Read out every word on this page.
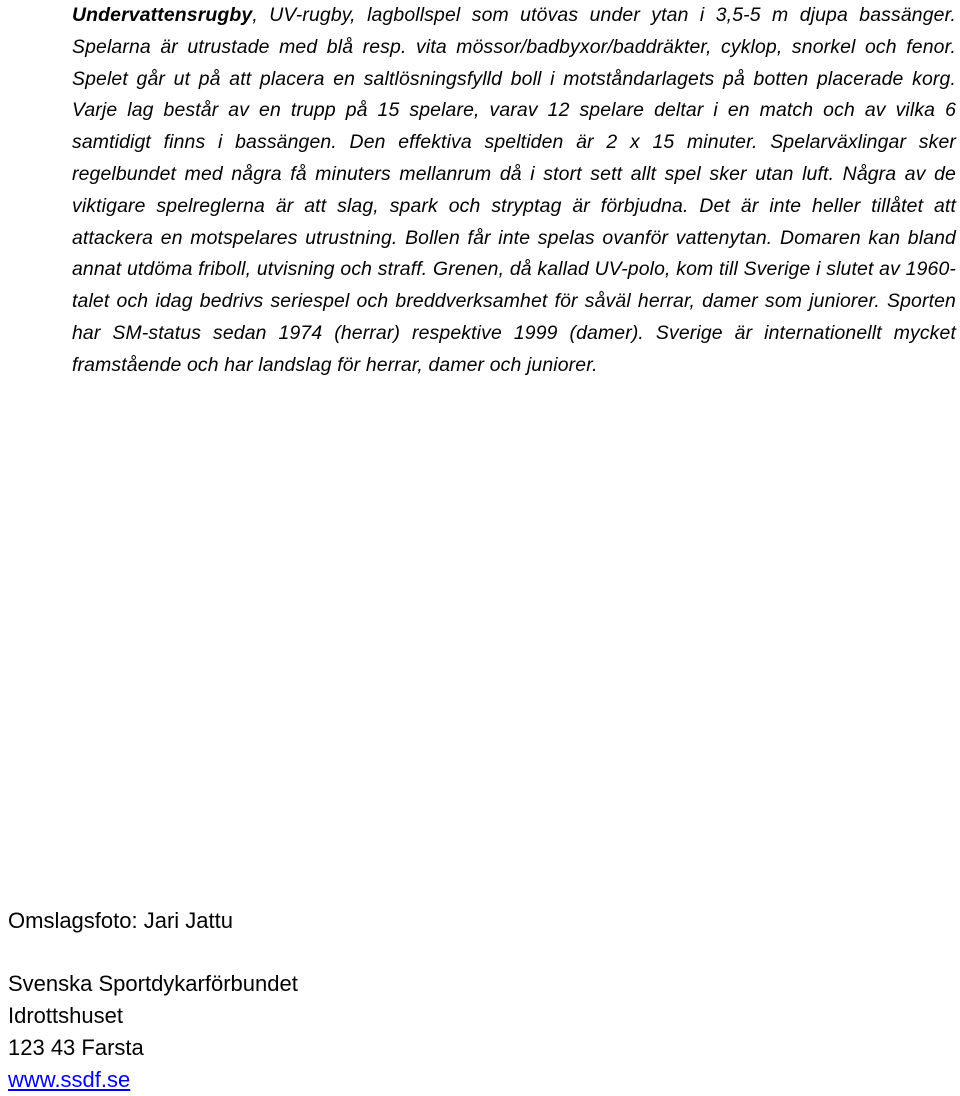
Undervattensrugby, UV-rugby, lagbollspel som utövas under ytan i 3,5-5 m djupa bassänger. Spelarna är utrustade med blå resp. vita mössor/badbyxor/baddräkter, cyklop, snorkel och fenor. Spelet går ut på att placera en saltlösningsfylld boll i motståndarlagets på botten placerade korg. Varje lag består av en trupp på 15 spelare, varav 12 spelare deltar i en match och av vilka 6 samtidigt finns i bassängen. Den effektiva speltiden är 2 x 15 minuter. Spelarväxlingar sker regelbundet med några få minuters mellanrum då i stort sett allt spel sker utan luft. Några av de viktigare spelreglerna är att slag, spark och stryptag är förbjudna. Det är inte heller tillåtet att attackera en motspelares utrustning. Bollen får inte spelas ovanför vattenytan. Domaren kan bland annat utdöma friboll, utvisning och straff. Grenen, då kallad UV-polo, kom till Sverige i slutet av 1960-talet och idag bedrivs seriespel och breddverksamhet för såväl herrar, damer som juniorer. Sporten har SM-status sedan 1974 (herrar) respektive 1999 (damer). Sverige är internationellt mycket framstående och har landslag för herrar, damer och juniorer.

Omslagsfoto: Jari Jattu

Svenska Sportdykarförbundet
Idrottshuset
123 43 Farsta
www.ssdf.se
